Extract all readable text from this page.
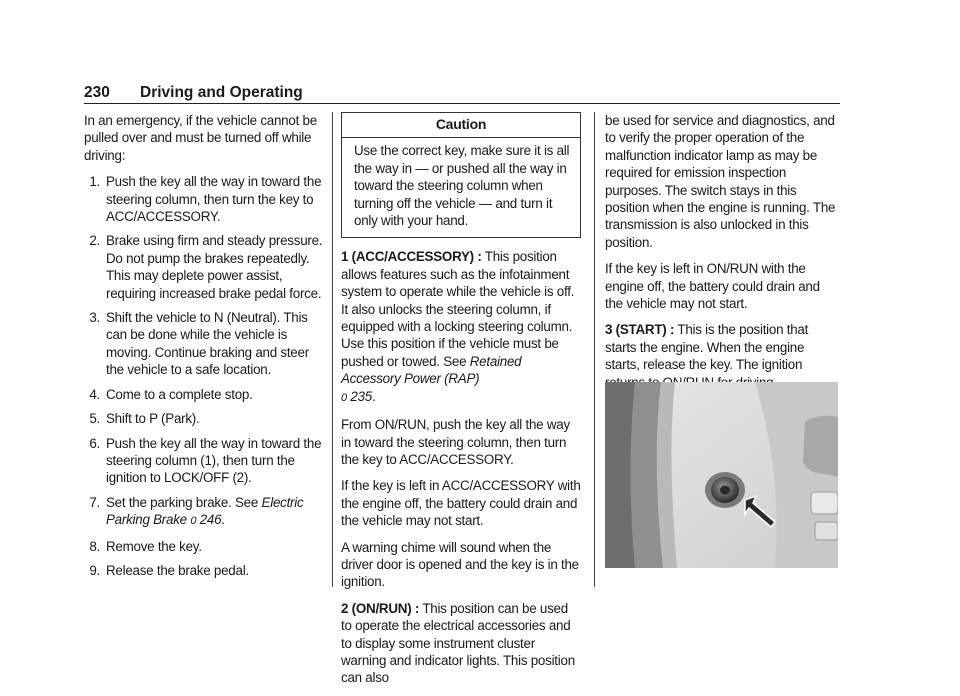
230 Driving and Operating

In an emergency, if the vehicle cannot be pulled over and must be turned off while driving:

1. Push the key all the way in toward the steering column, then turn the key to ACC/ACCESSORY.
2. Brake using firm and steady pressure. Do not pump the brakes repeatedly. This may deplete power assist, requiring increased brake pedal force.
3. Shift the vehicle to N (Neutral). This can be done while the vehicle is moving. Continue braking and steer the vehicle to a safe location.
4. Come to a complete stop.
5. Shift to P (Park).
6. Push the key all the way in toward the steering column (1), then turn the ignition to LOCK/OFF (2).
7. Set the parking brake. See Electric Parking Brake 0 246.
8. Remove the key.
9. Release the brake pedal.
Caution
Use the correct key, make sure it is all the way in — or pushed all the way in toward the steering column when turning off the vehicle — and turn it only with your hand.

1 (ACC/ACCESSORY) : This position allows features such as the infotainment system to operate while the vehicle is off. It also unlocks the steering column, if equipped with a locking steering column. Use this position if the vehicle must be pushed or towed. See Retained Accessory Power (RAP)
0 235.

From ON/RUN, push the key all the way in toward the steering column, then turn the key to ACC/ACCESSORY.

If the key is left in ACC/ACCESSORY with the engine off, the battery could drain and the vehicle may not start.

A warning chime will sound when the driver door is opened and the key is in the ignition.

2 (ON/RUN) : This position can be used to operate the electrical accessories and to display some instrument cluster warning and indicator lights. This position can also

be used for service and diagnostics, and to verify the proper operation of the malfunction indicator lamp as may be required for emission inspection purposes. The switch stays in this position when the engine is running. The transmission is also unlocked in this position.

If the key is left in ON/RUN with the engine off, the battery could drain and the vehicle may not start.

3 (START) : This is the position that starts the engine. When the engine starts, release the key. The ignition
